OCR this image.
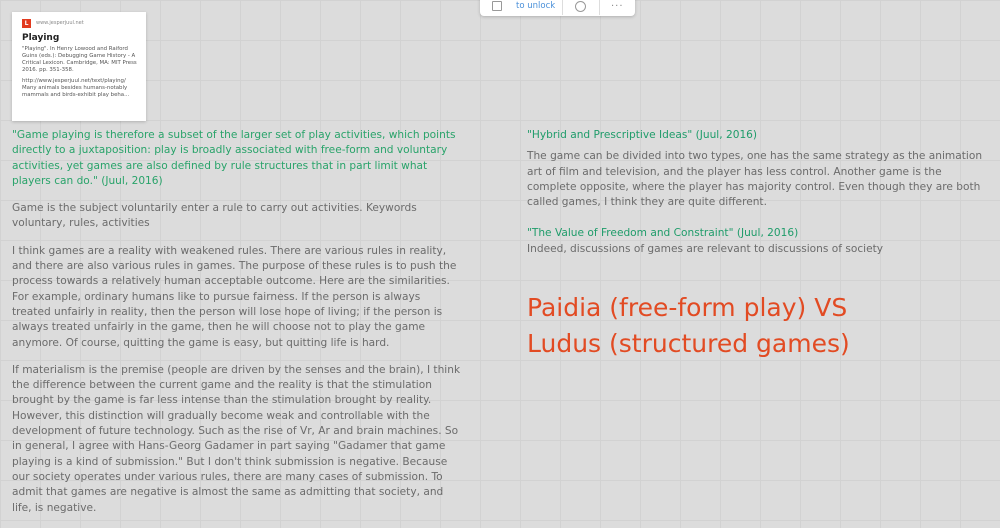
to unlock	···
L	www.jesperjuul.net
Playing

"Playing". In Henry Lowood and Raiford Guins (eds.): Debugging Game History - A Critical Lexicon. Cambridge, MA: MIT Press 2016. pp. 351-358.

http://www.jesperjuul.net/text/playing/ Many animals besides humans-notably mammals and birds-exhibit play beha...

"Game playing is therefore a subset of the larger set of play activities, which points directly to a juxtaposition: play is broadly associated with free-form and voluntary activities, yet games are also defined by rule structures that in part limit what players can do." (Juul, 2016)

Game is the subject voluntarily enter a rule to carry out activities. Keywords voluntary, rules, activities

I think games are a reality with weakened rules. There are various rules in reality, and there are also various rules in games. The purpose of these rules is to push the process towards a relatively human acceptable outcome. Here are the similarities. For example, ordinary humans like to pursue fairness. If the person is always treated unfairly in reality, then the person will lose hope of living; if the person is always treated unfairly in the game, then he will choose not to play the game anymore. Of course, quitting the game is easy, but quitting life is hard.

If materialism is the premise (people are driven by the senses and the brain), I think the difference between the current game and the reality is that the stimulation brought by the game is far less intense than the stimulation brought by reality. However, this distinction will gradually become weak and controllable with the development of future technology. Such as the rise of Vr, Ar and brain machines. So in general, I agree with Hans-Georg Gadamer in part saying "Gadamer that game playing is a kind of submission." But I don't think submission is negative. Because our society operates under various rules, there are many cases of submission. To admit that games are negative is almost the same as admitting that society, and life, is negative.

"Hybrid and Prescriptive Ideas" (Juul, 2016)

The game can be divided into two types, one has the same strategy as the animation art of film and television, and the player has less control. Another game is the complete opposite, where the player has majority control. Even though they are both called games, I think they are quite different.

"The Value of Freedom and Constraint" (Juul, 2016)

Indeed, discussions of games are relevant to discussions of society

Paidia (free-form play) VS
Ludus (structured games)
